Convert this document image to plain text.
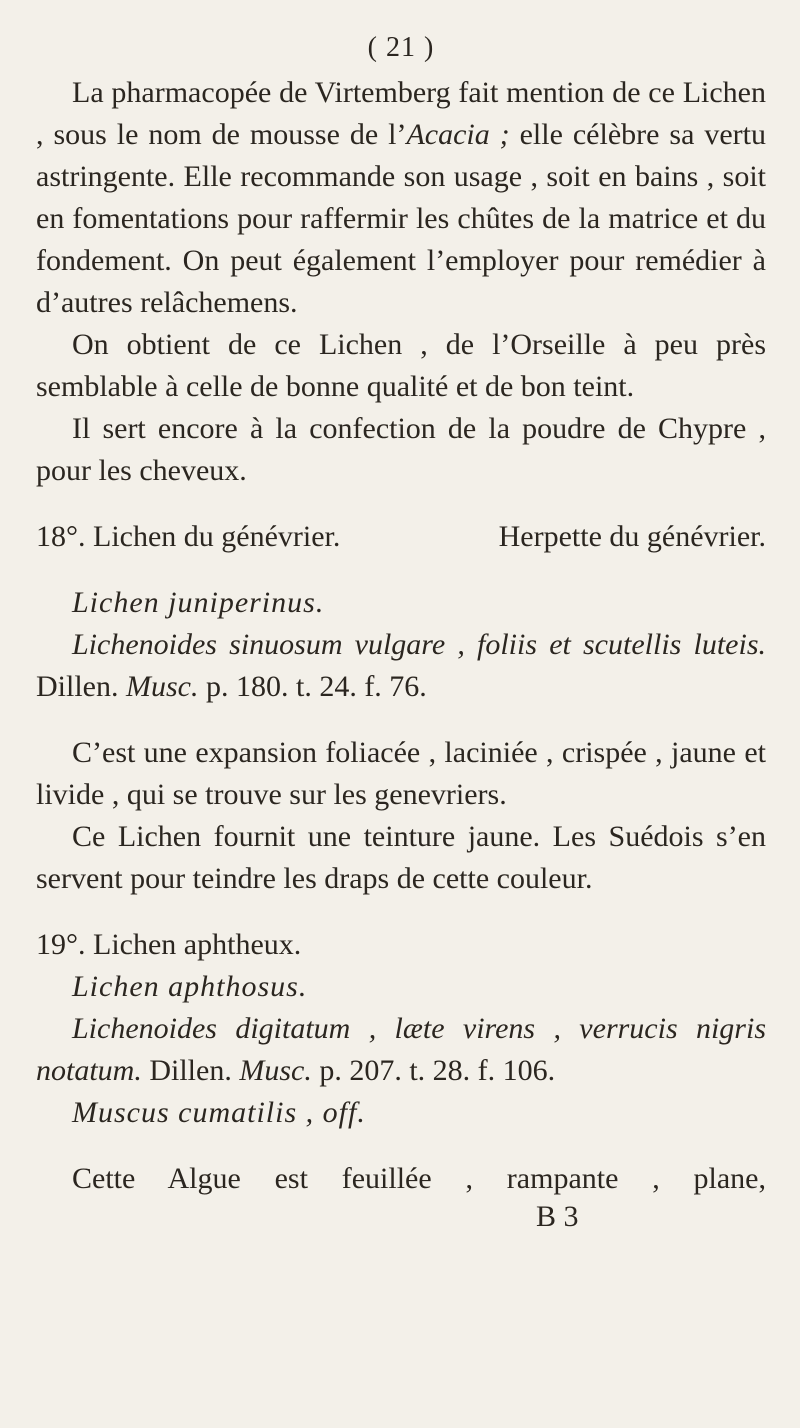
( 21 )

La pharmacopée de Virtemberg fait mention de ce Lichen , sous le nom de mousse de l’Acacia ; elle célèbre sa vertu astringente. Elle recommande son usage , soit en bains , soit en fomentations pour raffermir les chûtes de la matrice et du fondement. On peut également l’employer pour remédier à d’autres relâchemens.

On obtient de ce Lichen , de l’Orseille à peu près semblable à celle de bonne qualité et de bon teint.

Il sert encore à la confection de la poudre de Chypre , pour les cheveux.

18°. Lichen du génévrier.	Herpette du génévrier.

Lichen juniperinus.

Lichenoides sinuosum vulgare , foliis et scutellis luteis. Dillen. Musc. p. 180. t. 24. f. 76.

C’est une expansion foliacée , laciniée , crispée , jaune et livide , qui se trouve sur les genevriers.

Ce Lichen fournit une teinture jaune. Les Suédois s’en servent pour teindre les draps de cette couleur.

19°. Lichen aphtheux.

Lichen aphthosus.

Lichenoides digitatum , læte virens , verrucis nigris notatum. Dillen. Musc. p. 207. t. 28. f. 106.

Muscus cumatilis , off.

Cette Algue est feuillée , rampante , plane,

B 3
